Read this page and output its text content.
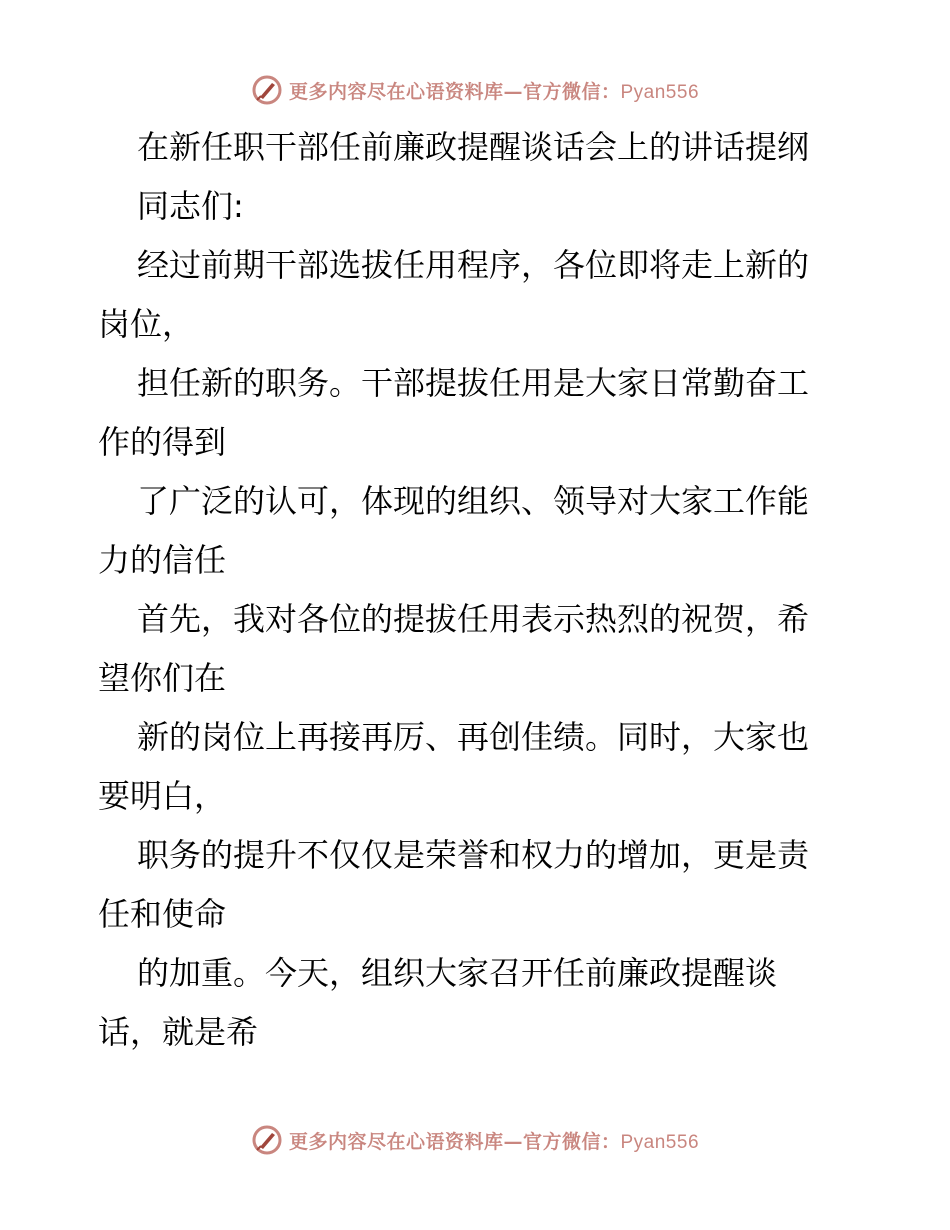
更多内容尽在心语资料库—官方微信：Pyan556

在新任职干部任前廉政提醒谈话会上的讲话提纲

同志们:

经过前期干部选拔任用程序，各位即将走上新的

岗位，

担任新的职务。干部提拔任用是大家日常勤奋工

作的得到

了广泛的认可，体现的组织、领导对大家工作能

力的信任

首先，我对各位的提拔任用表示热烈的祝贺，希

望你们在

新的岗位上再接再厉、再创佳绩。同时，大家也

要明白，

职务的提升不仅仅是荣誉和权力的增加，更是责

任和使命

的加重。今天，组织大家召开任前廉政提醒谈

话，就是希

更多内容尽在心语资料库—官方微信：Pyan556
